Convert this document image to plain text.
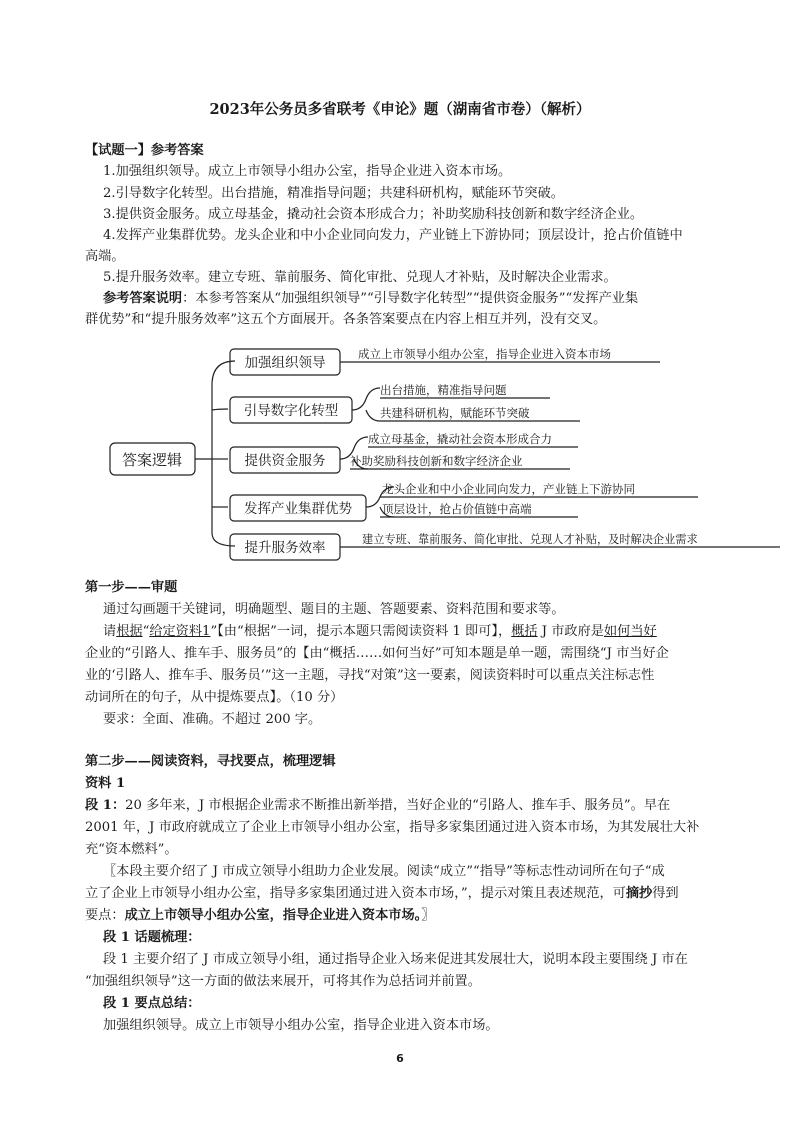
2023年公务员多省联考《申论》题（湖南省市卷）（解析）
【试题一】参考答案
1.加强组织领导。成立上市领导小组办公室，指导企业进入资本市场。
2.引导数字化转型。出台措施，精准指导问题；共建科研机构，赋能环节突破。
3.提供资金服务。成立母基金，撬动社会资本形成合力；补助奖励科技创新和数字经济企业。
4.发挥产业集群优势。龙头企业和中小企业同向发力，产业链上下游协同；顶层设计，抢占价值链中
高端。
5.提升服务效率。建立专班、靠前服务、简化审批、兑现人才补贴，及时解决企业需求。
参考答案说明：本参考答案从“加强组织领导”“引导数字化转型”“提供资金服务”“发挥产业集
群优势”和“提升服务效率”这五个方面展开。各条答案要点在内容上相互并列，没有交叉。
答案逻辑
加强组织领导
引导数字化转型
提供资金服务
发挥产业集群优势
提升服务效率
成立上市领导小组办公室，指导企业进入资本市场
出台措施，精准指导问题
共建科研机构，赋能环节突破
成立母基金，撬动社会资本形成合力
补助奖励科技创新和数字经济企业
龙头企业和中小企业同向发力，产业链上下游协同
顶层设计，抢占价值链中高端
建立专班、靠前服务、简化审批、兑现人才补贴，及时解决企业需求
第一步——审题
通过勾画题干关键词，明确题型、题目的主题、答题要素、资料范围和要求等。
请根据“给定资料1”【由“根据”一词，提示本题只需阅读资料 1 即可】，概括 J 市政府是如何当好
企业的“引路人、推车手、服务员”的【由“概括……如何当好”可知本题是单一题，需围绕“J 市当好企
业的‘引路人、推车手、服务员’”这一主题，寻找“对策”这一要素，阅读资料时可以重点关注标志性
动词所在的句子，从中提炼要点】。（10 分）
要求：全面、准确。不超过 200 字。
第二步——阅读资料，寻找要点，梳理逻辑
资料 1
段 1：20 多年来，J 市根据企业需求不断推出新举措，当好企业的“引路人、推车手、服务员”。早在
2001 年，J 市政府就成立了企业上市领导小组办公室，指导多家集团通过进入资本市场，为其发展壮大补
充“资本燃料”。
〖本段主要介绍了 J 市成立领导小组助力企业发展。阅读“成立”“指导”等标志性动词所在句子“成
立了企业上市领导小组办公室，指导多家集团通过进入资本市场，”，提示对策且表述规范，可摘抄得到
要点：成立上市领导小组办公室，指导企业进入资本市场。〗
段 1 话题梳理：
段 1 主要介绍了 J 市成立领导小组，通过指导企业入场来促进其发展壮大，说明本段主要围绕 J 市在
“加强组织领导”这一方面的做法来展开，可将其作为总括词并前置。
段 1 要点总结：
加强组织领导。成立上市领导小组办公室，指导企业进入资本市场。
6
